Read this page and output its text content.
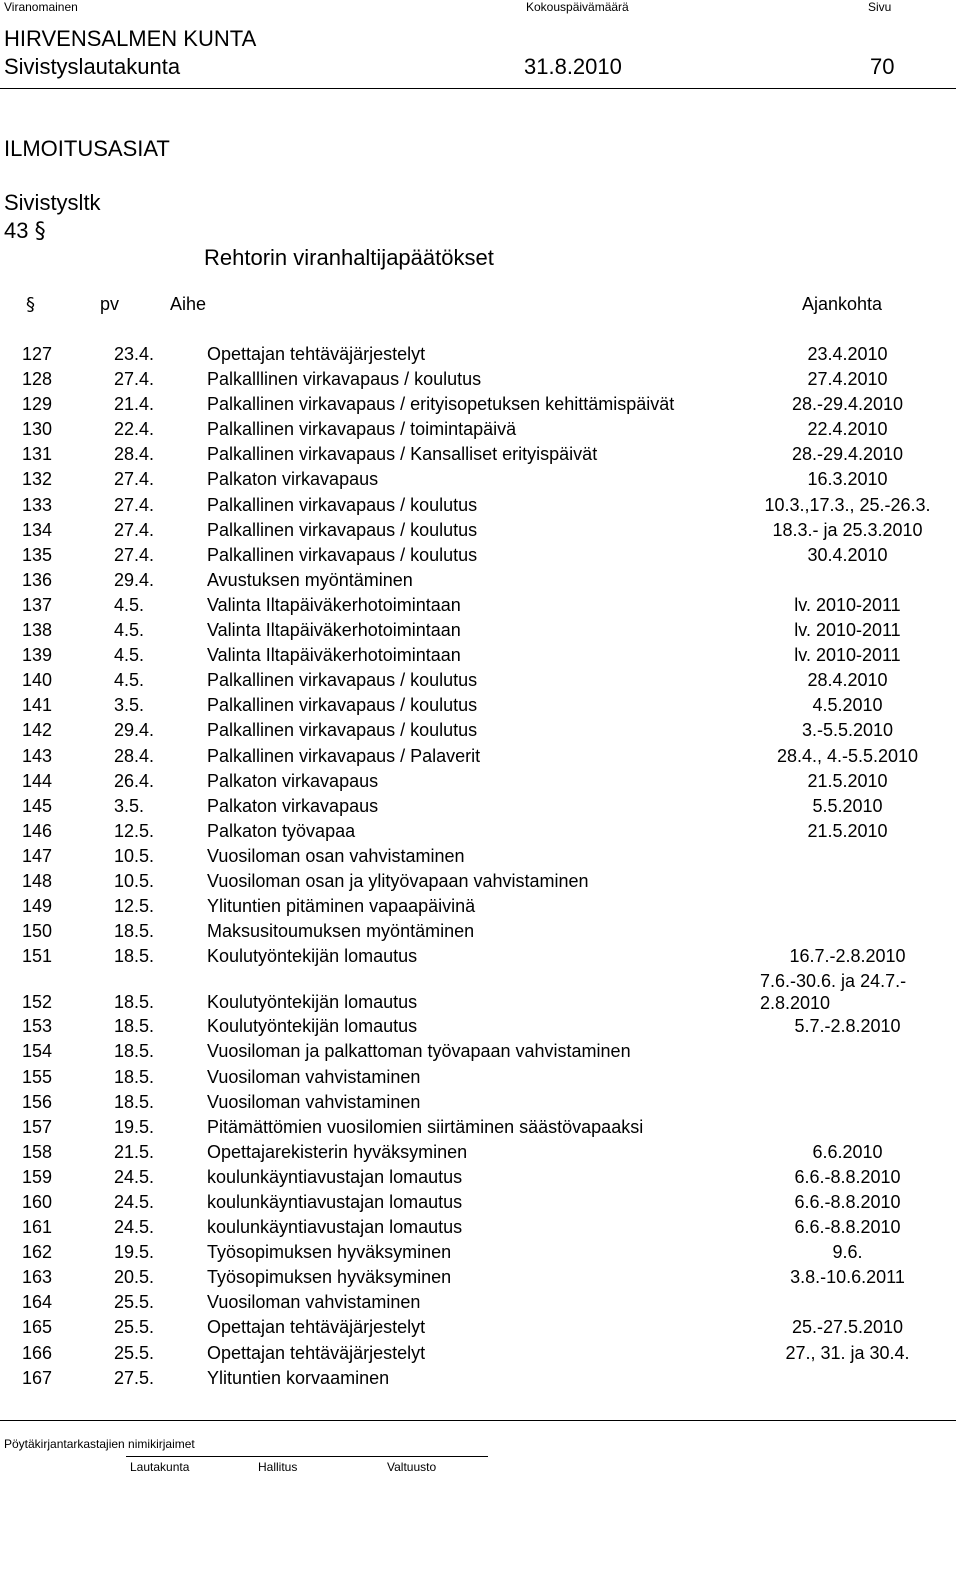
Viranomainen	Kokouspäivämäärä	Sivu
HIRVENSALMEN KUNTA
Sivistyslautakunta	31.8.2010	70
ILMOITUSASIAT
Sivistysltk
43 §
Rehtorin viranhaltijapäätökset
§	pv	Aihe	Ajankohta
127	23.4.	Opettajan tehtäväjärjestelyt	23.4.2010
128	27.4.	Palkalllinen virkavapaus / koulutus	27.4.2010
129	21.4.	Palkallinen virkavapaus / erityisopetuksen kehittämispäivät	28.-29.4.2010
130	22.4.	Palkallinen virkavapaus / toimintapäivä	22.4.2010
131	28.4.	Palkallinen virkavapaus / Kansalliset erityispäivät	28.-29.4.2010
132	27.4.	Palkaton virkavapaus	16.3.2010
133	27.4.	Palkallinen virkavapaus / koulutus	10.3.,17.3., 25.-26.3.
134	27.4.	Palkallinen virkavapaus / koulutus	18.3.- ja 25.3.2010
135	27.4.	Palkallinen virkavapaus / koulutus	30.4.2010
136	29.4.	Avustuksen myöntäminen
137	4.5.	Valinta Iltapäiväkerhotoimintaan	lv. 2010-2011
138	4.5.	Valinta Iltapäiväkerhotoimintaan	lv. 2010-2011
139	4.5.	Valinta Iltapäiväkerhotoimintaan	lv. 2010-2011
140	4.5.	Palkallinen virkavapaus / koulutus	28.4.2010
141	3.5.	Palkallinen virkavapaus / koulutus	4.5.2010
142	29.4.	Palkallinen virkavapaus / koulutus	3.-5.5.2010
143	28.4.	Palkallinen virkavapaus / Palaverit	28.4., 4.-5.5.2010
144	26.4.	Palkaton virkavapaus	21.5.2010
145	3.5.	Palkaton virkavapaus	5.5.2010
146	12.5.	Palkaton työvapaa	21.5.2010
147	10.5.	Vuosiloman osan vahvistaminen
148	10.5.	Vuosiloman osan ja ylityövapaan vahvistaminen
149	12.5.	Ylituntien pitäminen vapaapäivinä
150	18.5.	Maksusitoumuksen myöntäminen
151	18.5.	Koulutyöntekijän lomautus	16.7.-2.8.2010
152	18.5.	Koulutyöntekijän lomautus
7.6.-30.6. ja 24.7.-
2.8.2010
153	18.5.	Koulutyöntekijän lomautus	5.7.-2.8.2010
154	18.5.	Vuosiloman ja palkattoman työvapaan vahvistaminen
155	18.5.	Vuosiloman vahvistaminen
156	18.5.	Vuosiloman vahvistaminen
157	19.5.	Pitämättömien vuosilomien siirtäminen säästövapaaksi
158	21.5.	Opettajarekisterin hyväksyminen	6.6.2010
159	24.5.	koulunkäyntiavustajan lomautus	6.6.-8.8.2010
160	24.5.	koulunkäyntiavustajan lomautus	6.6.-8.8.2010
161	24.5.	koulunkäyntiavustajan lomautus	6.6.-8.8.2010
162	19.5.	Työsopimuksen hyväksyminen	9.6.
163	20.5.	Työsopimuksen hyväksyminen	3.8.-10.6.2011
164	25.5.	Vuosiloman vahvistaminen
165	25.5.	Opettajan tehtäväjärjestelyt	25.-27.5.2010
166	25.5.	Opettajan tehtäväjärjestelyt	27., 31. ja 30.4.
167	27.5.	Ylituntien korvaaminen
Pöytäkirjantarkastajien nimikirjaimet
Lautakunta	Hallitus	Valtuusto
